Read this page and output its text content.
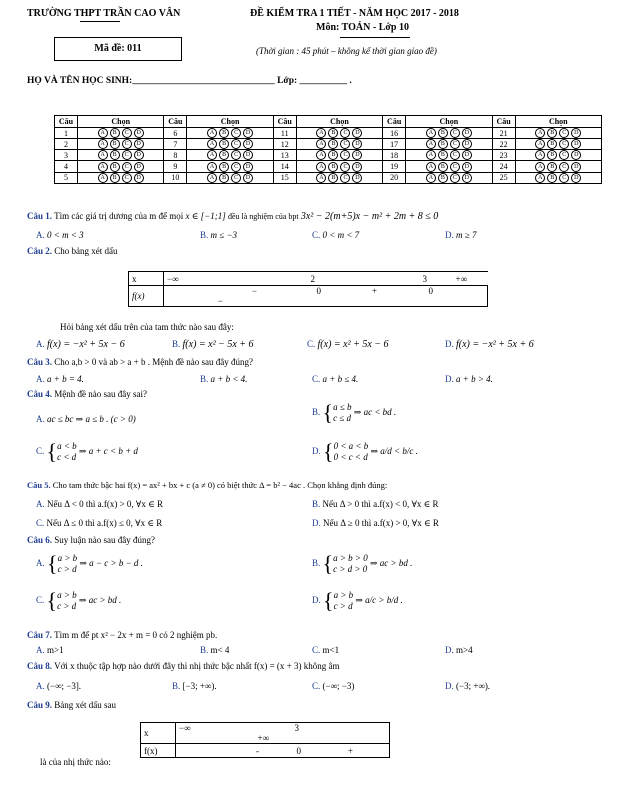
TRƯỜNG THPT TRẦN CAO VÂN	ĐỀ KIỂM TRA 1 TIẾT - NĂM HỌC 2017 - 2018
Môn: TOÁN - Lớp 10
Mã đề: 011	(Thời gian : 45 phút – không kể thời gian giao đề)
HỌ VÀ TÊN HỌC SINH:______________________________ Lớp: __________ .
Câu	Chọn	Câu	Chọn	Câu	Chọn	Câu	Chọn	Câu	Chọn
1	A B C D	6	A B C D	11	A B C D	16	A B C D	21	A B C D
2	A B C D	7	A B C D	12	A B C D	17	A B C D	22	A B C D
3	A B C D	8	A B C D	13	A B C D	18	A B C D	23	A B C D
4	A B C D	9	A B C D	14	A B C D	19	A B C D	24	A B C D
5	A B C D	10	A B C D	15	A B C D	20	A B C D	25	A B C D
Câu 1. Tìm các giá trị dương của m để mọi x ∈ [−1;1] đều là nghiệm của bpt 3x² − 2(m+5)x − m² + 2m + 8 ≤ 0
A. 0 < m < 3	B. m ≤ −3	C. 0 < m < 7	D. m ≥ 7
Câu 2. Cho bảng xét dấu
x	−∞ 2 3 +∞
f(x)	− 0 + 0−
Hỏi bảng xét dấu trên của tam thức nào sau đây:
A. f(x) = −x² + 5x − 6	B. f(x) = x² − 5x + 6	C. f(x) = x² + 5x − 6	D. f(x) = −x² + 5x + 6
Câu 3. Cho a,b > 0 và ab > a + b . Mệnh đề nào sau đây đúng?
A. a + b = 4.	B. a + b < 4.	C. a + b ≤ 4.	D. a + b > 4.
Câu 4. Mệnh đề nào sau đây sai?
A. ac ≤ bc ⇒ a ≤ b . (c > 0)
B. {a ≤ b
c ≤ d ⇒ ac < bd .
C. {a < b
c < d ⇒ a + c < b + d	D. {0 < a < b
0 < c < d ⇒ a/d < b/c .
Câu 5. Cho tam thức bậc hai f(x) = ax² + bx + c (a ≠ 0) có biệt thức Δ = b² − 4ac . Chọn khẳng định đúng:
A. Nếu Δ < 0 thì a.f(x) > 0, ∀x ∈ R	B. Nếu Δ > 0 thì a.f(x) < 0, ∀x ∈ R
C. Nếu Δ ≤ 0 thì a.f(x) ≤ 0, ∀x ∈ R	D. Nếu Δ ≥ 0 thì a.f(x) > 0, ∀x ∈ R
Câu 6. Suy luận nào sau đây đúng?
A. {a > b
c > d ⇒ a − c > b − d .	B. {a > b > 0
c > d > 0 ⇒ ac > bd .
C. {a > b
c > d ⇒ ac > bd .	D. {a > b
c > d ⇒ a/c > b/d .
Câu 7. Tìm m để pt x² − 2x + m = 0 có 2 nghiệm pb.
A. m>1	B. m< 4	C. m<1	D. m>4
Câu 8. Với x thuộc tập hợp nào dưới đây thì nhị thức bậc nhất f(x) = (x + 3) không âm
A. (−∞; −3].	B. [−3; +∞).	C. (−∞; −3)	D. (−3; +∞).
Câu 9. Bảng xét dấu sau
x	−∞ 3+∞
f(x)	- 0 +
là của nhị thức nào:
